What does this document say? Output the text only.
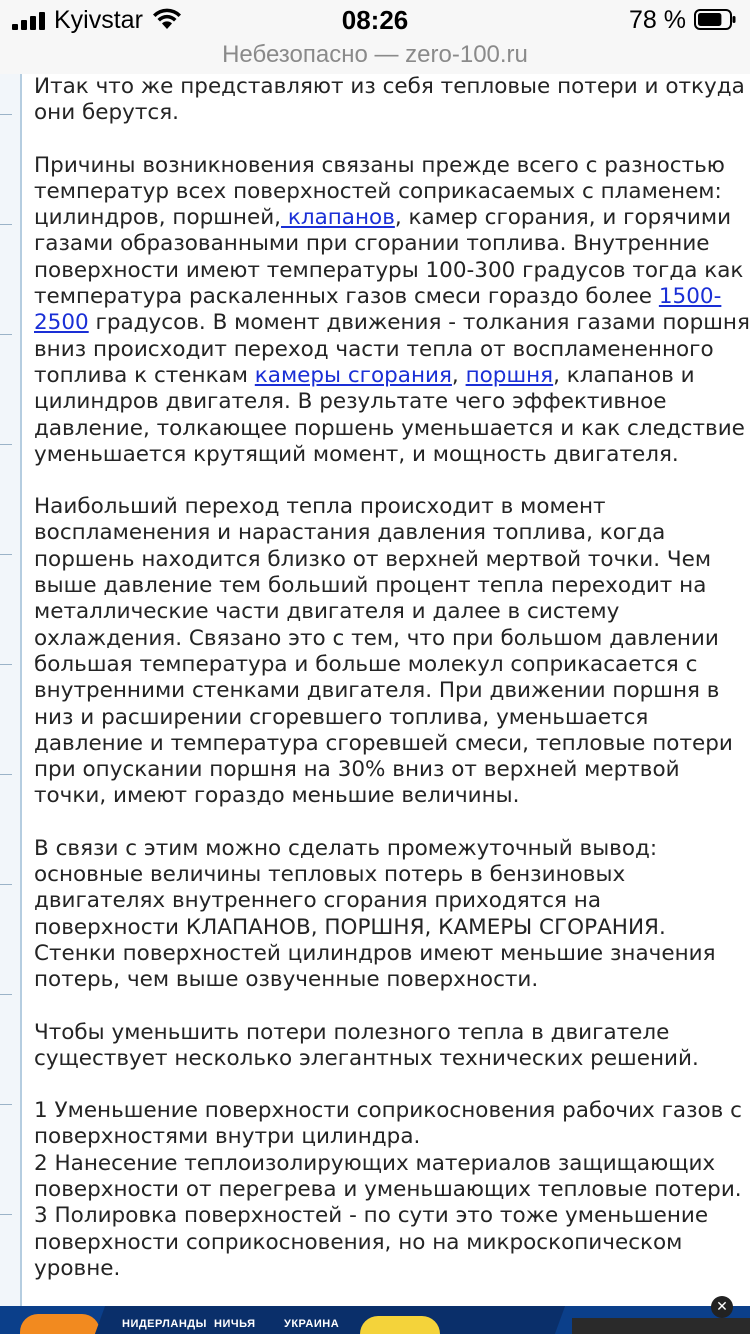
Kyivstar	08:26	78 %
Небезопасно — zero-100.ru

Итак что же представляют из себя тепловые потери и откуда они берутся.

Причины возникновения связаны прежде всего с разностью температур всех поверхностей соприкасаемых с пламенем: цилиндров, поршней, клапанов, камер сгорания, и горячими газами образованными при сгорании топлива. Внутренние поверхности имеют температуры 100-300 градусов тогда как температура раскаленных газов смеси гораздо более 1500-2500 градусов. В момент движения - толкания газами поршня вниз происходит переход части тепла от воспламененного топлива к стенкам камеры сгорания, поршня, клапанов и цилиндров двигателя. В результате чего эффективное давление, толкающее поршень уменьшается и как следствие уменьшается крутящий момент, и мощность двигателя.

Наибольший переход тепла происходит в момент воспламенения и нарастания давления топлива, когда поршень находится близко от верхней мертвой точки. Чем выше давление тем больший процент тепла переходит на металлические части двигателя и далее в систему охлаждения. Связано это с тем, что при большом давлении большая температура и больше молекул соприкасается с внутренними стенками двигателя. При движении поршня в низ и расширении сгоревшего топлива, уменьшается давление и температура сгоревшей смеси, тепловые потери при опускании поршня на 30% вниз от верхней мертвой точки, имеют гораздо меньшие величины.

В связи с этим можно сделать промежуточный вывод: основные величины тепловых потерь в бензиновых двигателях внутреннего сгорания приходятся на поверхности КЛАПАНОВ, ПОРШНЯ, КАМЕРЫ СГОРАНИЯ. Стенки поверхностей цилиндров имеют меньшие значения потерь, чем выше озвученные поверхности.

Чтобы уменьшить потери полезного тепла в двигателе существует несколько элегантных технических решений.

1 Уменьшение поверхности соприкосновения рабочих газов с поверхностями внутри цилиндра.
2 Нанесение теплоизолирующих материалов защищающих поверхности от перегрева и уменьшающих тепловые потери.
3 Полировка поверхностей - по сути это тоже уменьшение поверхности соприкосновения, но на микроскопическом уровне.

НИДЕРЛАНДЫ НИЧЬЯ	УКРАИНА
✕
